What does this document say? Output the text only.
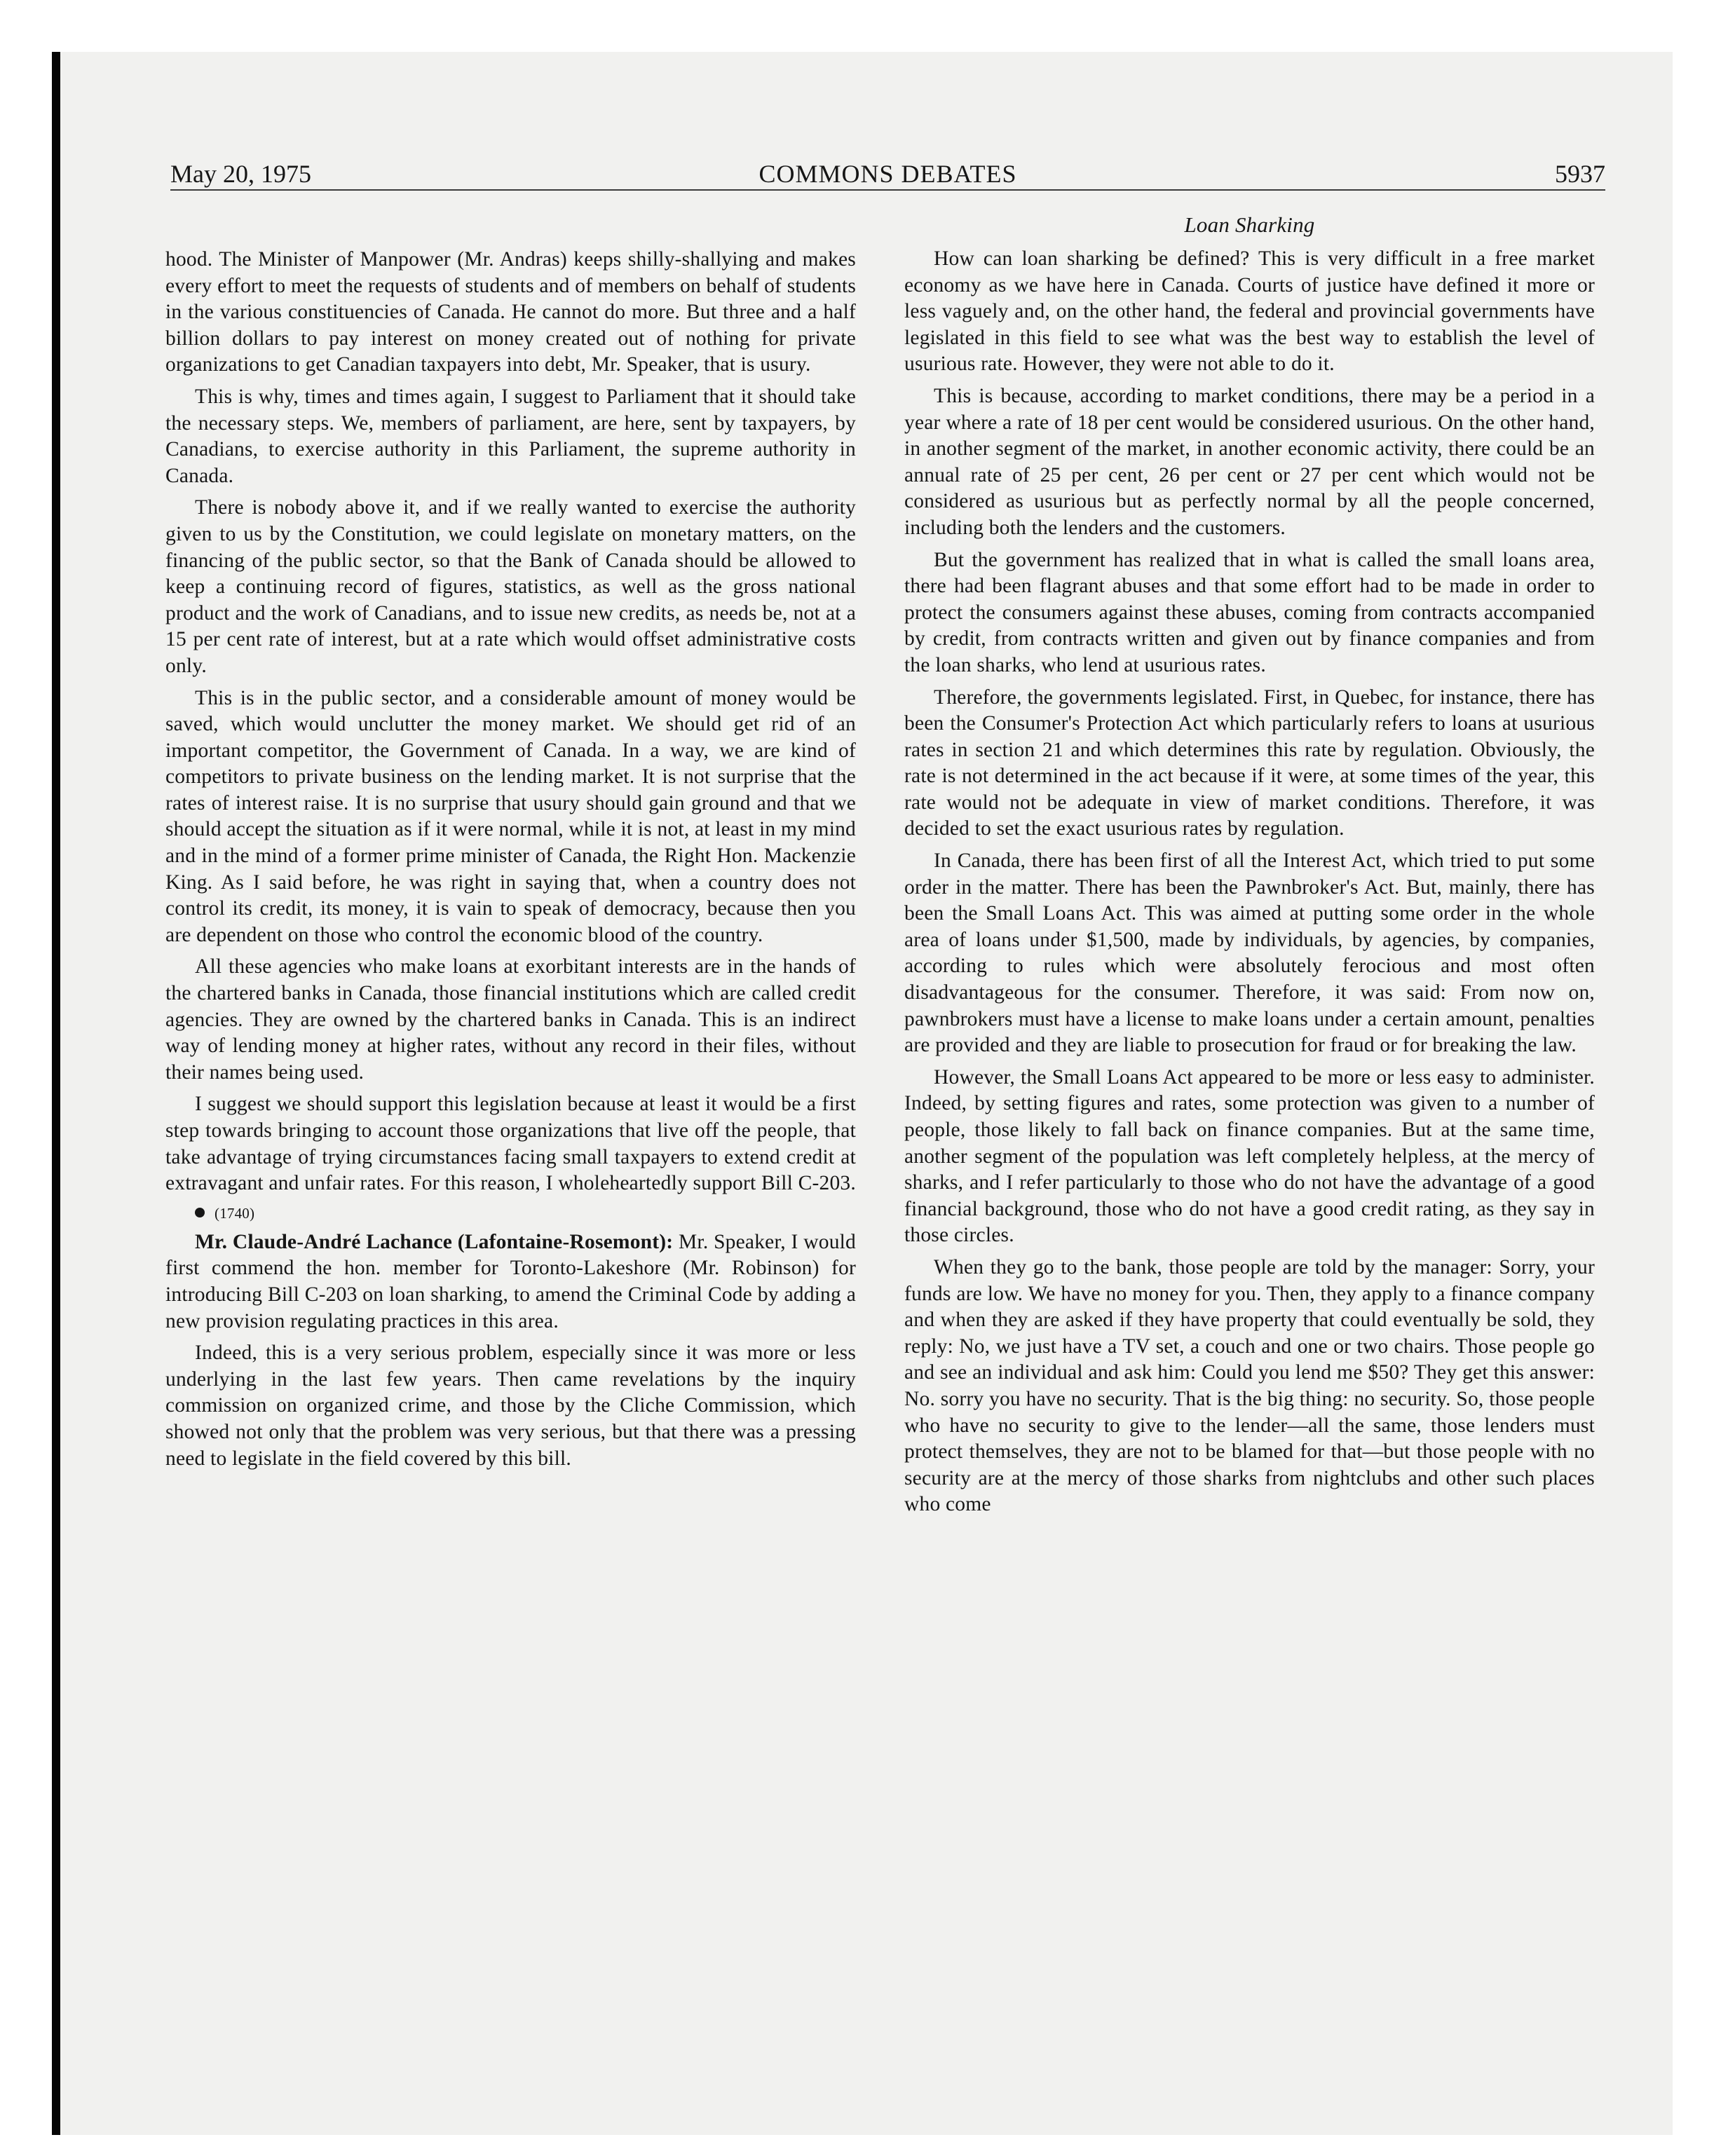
May 20, 1975	COMMONS DEBATES	5937

hood. The Minister of Manpower (Mr. Andras) keeps shilly-shallying and makes every effort to meet the requests of students and of members on behalf of students in the various constituencies of Canada. He cannot do more. But three and a half billion dollars to pay interest on money created out of nothing for private organizations to get Canadian taxpayers into debt, Mr. Speaker, that is usury.

This is why, times and times again, I suggest to Parliament that it should take the necessary steps. We, members of parliament, are here, sent by taxpayers, by Canadians, to exercise authority in this Parliament, the supreme authority in Canada.

There is nobody above it, and if we really wanted to exercise the authority given to us by the Constitution, we could legislate on monetary matters, on the financing of the public sector, so that the Bank of Canada should be allowed to keep a continuing record of figures, statistics, as well as the gross national product and the work of Canadians, and to issue new credits, as needs be, not at a 15 per cent rate of interest, but at a rate which would offset administrative costs only.

This is in the public sector, and a considerable amount of money would be saved, which would unclutter the money market. We should get rid of an important competitor, the Government of Canada. In a way, we are kind of competitors to private business on the lending market. It is not surprise that the rates of interest raise. It is no surprise that usury should gain ground and that we should accept the situation as if it were normal, while it is not, at least in my mind and in the mind of a former prime minister of Canada, the Right Hon. Mackenzie King. As I said before, he was right in saying that, when a country does not control its credit, its money, it is vain to speak of democracy, because then you are dependent on those who control the economic blood of the country.

All these agencies who make loans at exorbitant interests are in the hands of the chartered banks in Canada, those financial institutions which are called credit agencies. They are owned by the chartered banks in Canada. This is an indirect way of lending money at higher rates, without any record in their files, without their names being used.

I suggest we should support this legislation because at least it would be a first step towards bringing to account those organizations that live off the people, that take advantage of trying circumstances facing small taxpayers to extend credit at extravagant and unfair rates. For this reason, I wholeheartedly support Bill C-203.

(1740)

Mr. Claude-André Lachance (Lafontaine-Rosemont): Mr. Speaker, I would first commend the hon. member for Toronto-Lakeshore (Mr. Robinson) for introducing Bill C-203 on loan sharking, to amend the Criminal Code by adding a new provision regulating practices in this area.

Indeed, this is a very serious problem, especially since it was more or less underlying in the last few years. Then came revelations by the inquiry commission on organized crime, and those by the Cliche Commission, which showed not only that the problem was very serious, but that there was a pressing need to legislate in the field covered by this bill.

Loan Sharking

How can loan sharking be defined? This is very difficult in a free market economy as we have here in Canada. Courts of justice have defined it more or less vaguely and, on the other hand, the federal and provincial governments have legislated in this field to see what was the best way to establish the level of usurious rate. However, they were not able to do it.

This is because, according to market conditions, there may be a period in a year where a rate of 18 per cent would be considered usurious. On the other hand, in another segment of the market, in another economic activity, there could be an annual rate of 25 per cent, 26 per cent or 27 per cent which would not be considered as usurious but as perfectly normal by all the people concerned, including both the lenders and the customers.

But the government has realized that in what is called the small loans area, there had been flagrant abuses and that some effort had to be made in order to protect the consumers against these abuses, coming from contracts accompanied by credit, from contracts written and given out by finance companies and from the loan sharks, who lend at usurious rates.

Therefore, the governments legislated. First, in Quebec, for instance, there has been the Consumer's Protection Act which particularly refers to loans at usurious rates in section 21 and which determines this rate by regulation. Obviously, the rate is not determined in the act because if it were, at some times of the year, this rate would not be adequate in view of market conditions. Therefore, it was decided to set the exact usurious rates by regulation.

In Canada, there has been first of all the Interest Act, which tried to put some order in the matter. There has been the Pawnbroker's Act. But, mainly, there has been the Small Loans Act. This was aimed at putting some order in the whole area of loans under $1,500, made by individuals, by agencies, by companies, according to rules which were absolutely ferocious and most often disadvantageous for the consumer. Therefore, it was said: From now on, pawnbrokers must have a license to make loans under a certain amount, penalties are provided and they are liable to prosecution for fraud or for breaking the law.

However, the Small Loans Act appeared to be more or less easy to administer. Indeed, by setting figures and rates, some protection was given to a number of people, those likely to fall back on finance companies. But at the same time, another segment of the population was left completely helpless, at the mercy of sharks, and I refer particularly to those who do not have the advantage of a good financial background, those who do not have a good credit rating, as they say in those circles.

When they go to the bank, those people are told by the manager: Sorry, your funds are low. We have no money for you. Then, they apply to a finance company and when they are asked if they have property that could eventually be sold, they reply: No, we just have a TV set, a couch and one or two chairs. Those people go and see an individual and ask him: Could you lend me $50? They get this answer: No. sorry you have no security. That is the big thing: no security. So, those people who have no security to give to the lender—all the same, those lenders must protect themselves, they are not to be blamed for that—but those people with no security are at the mercy of those sharks from nightclubs and other such places who come
